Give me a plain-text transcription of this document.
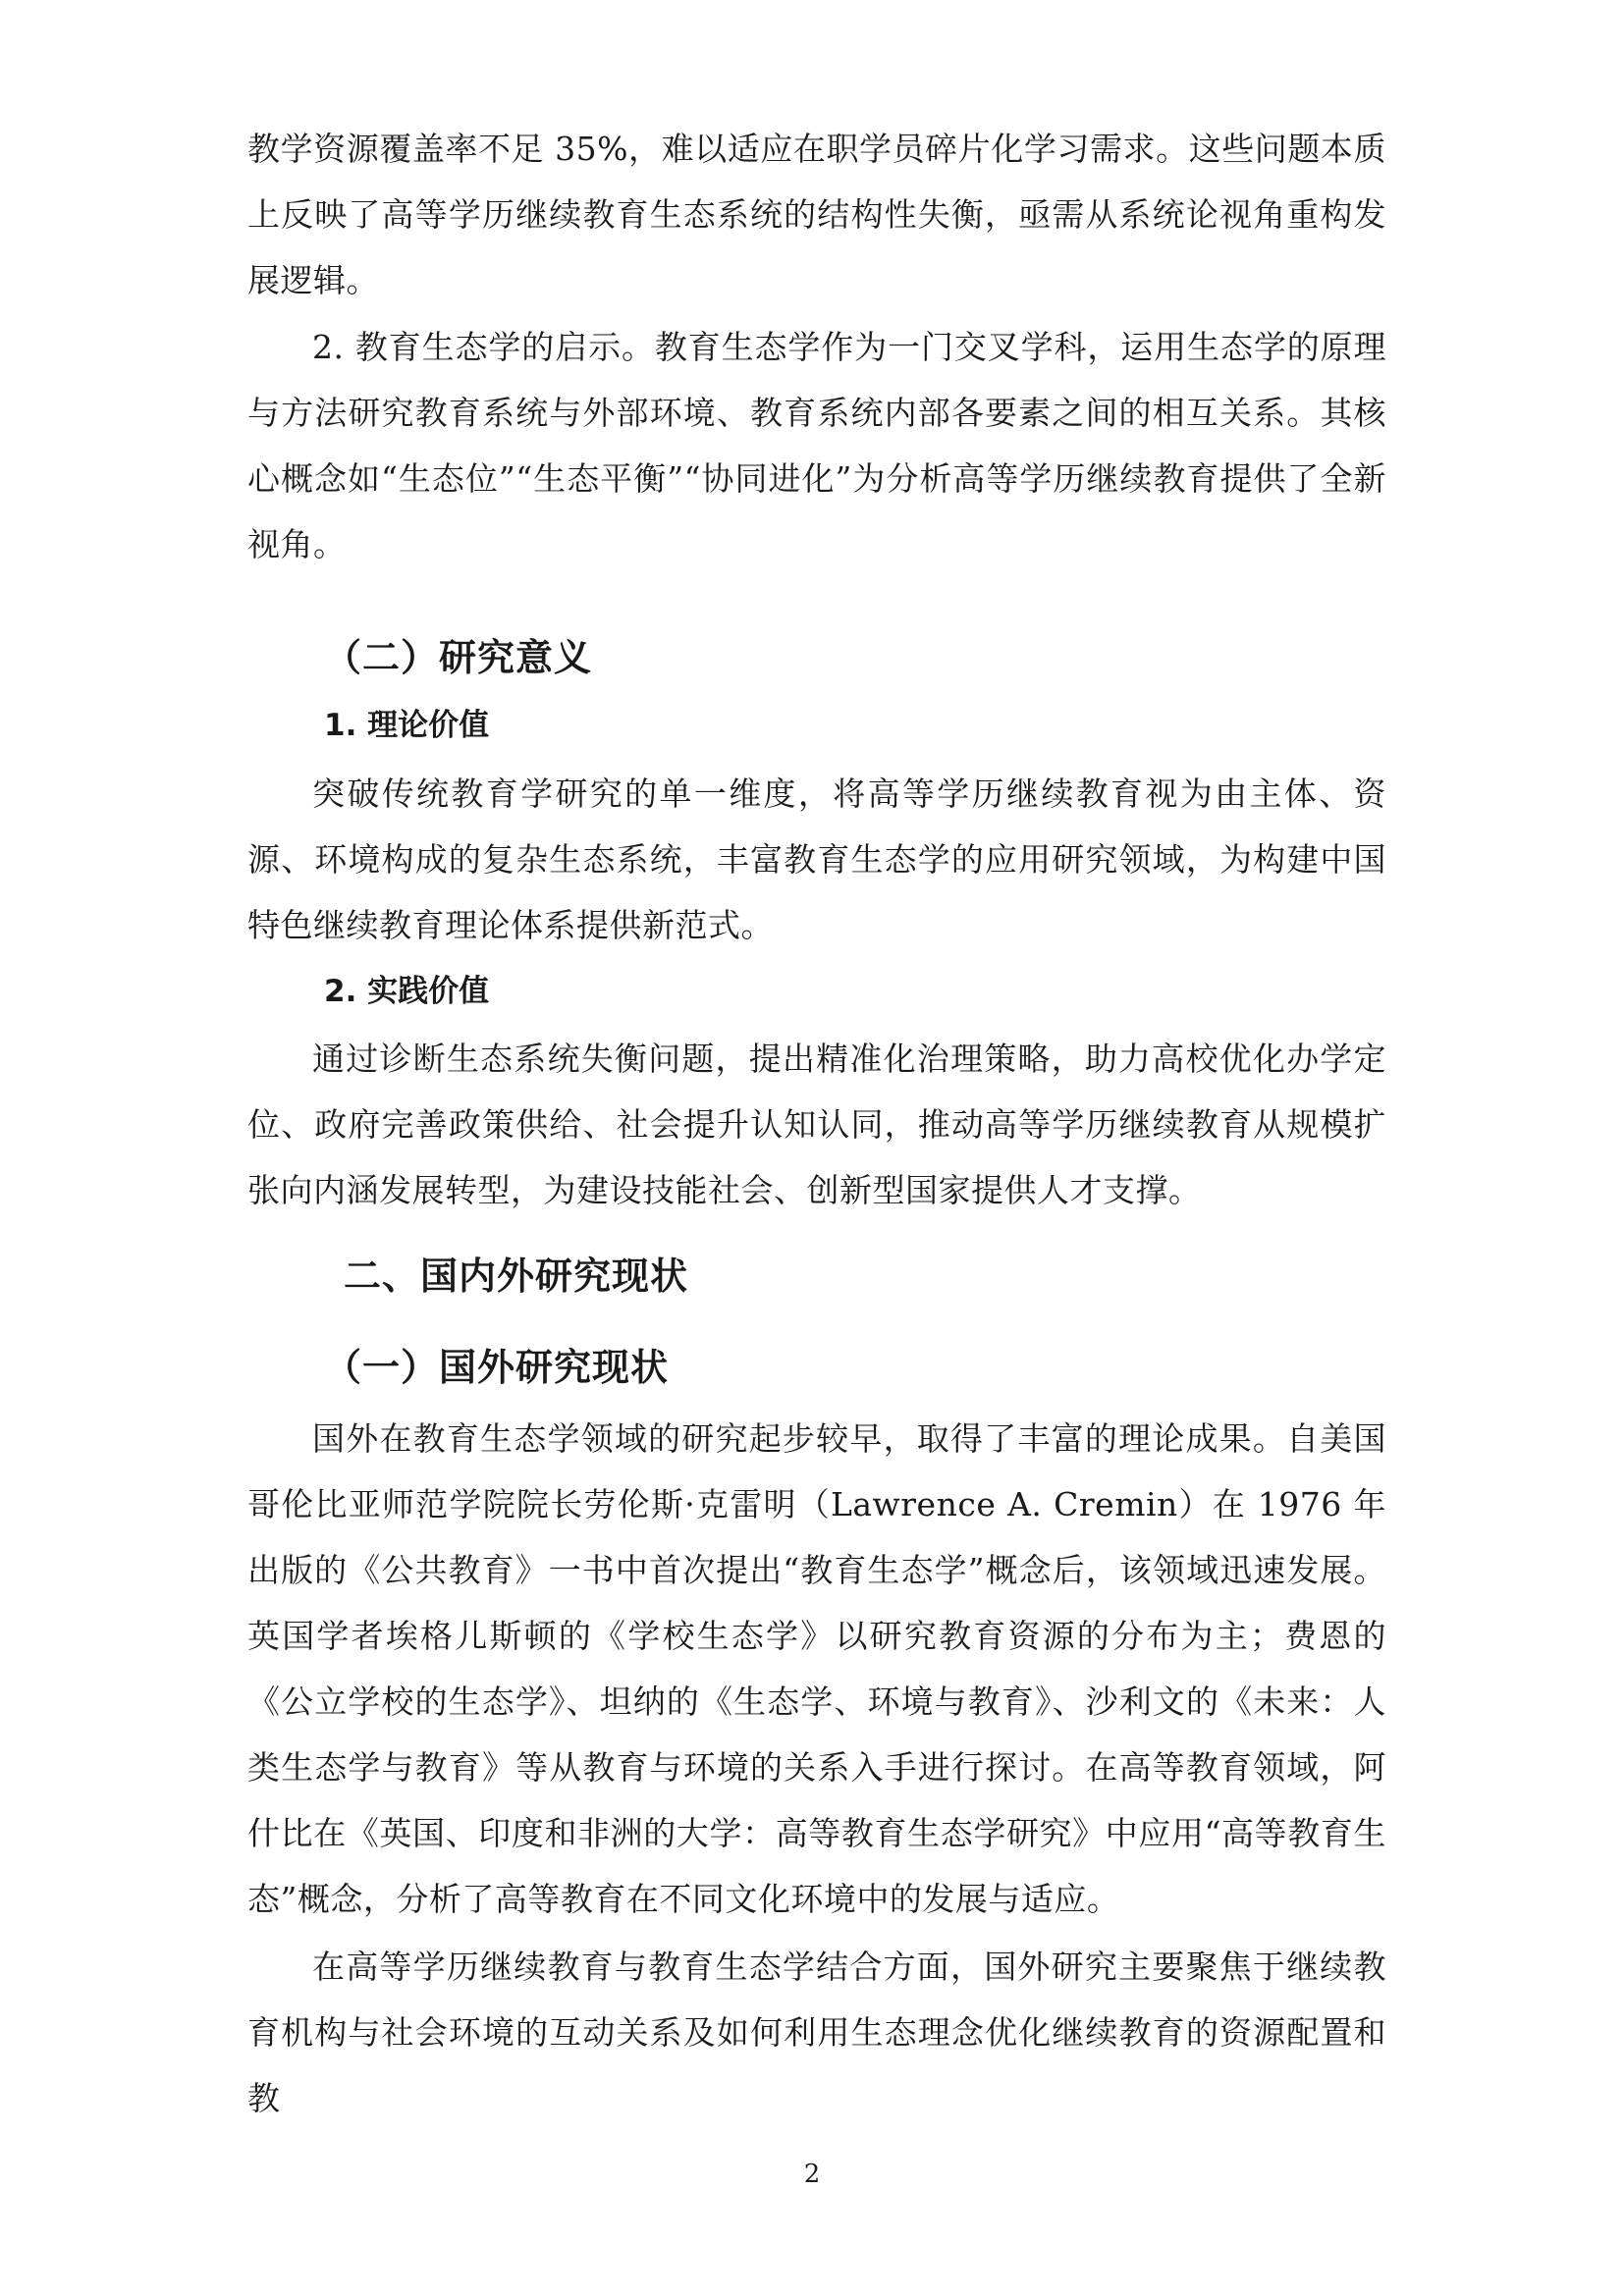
教学资源覆盖率不足 35%，难以适应在职学员碎片化学习需求。这些问题本质上反映了高等学历继续教育生态系统的结构性失衡，亟需从系统论视角重构发展逻辑。

2. 教育生态学的启示。教育生态学作为一门交叉学科，运用生态学的原理与方法研究教育系统与外部环境、教育系统内部各要素之间的相互关系。其核心概念如“生态位”“生态平衡”“协同进化”为分析高等学历继续教育提供了全新视角。

（二）研究意义
1. 理论价值

突破传统教育学研究的单一维度，将高等学历继续教育视为由主体、资源、环境构成的复杂生态系统，丰富教育生态学的应用研究领域，为构建中国特色继续教育理论体系提供新范式。

2. 实践价值

通过诊断生态系统失衡问题，提出精准化治理策略，助力高校优化办学定位、政府完善政策供给、社会提升认知认同，推动高等学历继续教育从规模扩张向内涵发展转型，为建设技能社会、创新型国家提供人才支撑。

二、国内外研究现状
（一）国外研究现状

国外在教育生态学领域的研究起步较早，取得了丰富的理论成果。自美国哥伦比亚师范学院院长劳伦斯·克雷明（Lawrence A. Cremin）在 1976 年出版的《公共教育》一书中首次提出“教育生态学”概念后，该领域迅速发展。英国学者埃格儿斯顿的《学校生态学》以研究教育资源的分布为主；费恩的《公立学校的生态学》、坦纳的《生态学、环境与教育》、沙利文的《未来：人类生态学与教育》等从教育与环境的关系入手进行探讨。在高等教育领域，阿什比在《英国、印度和非洲的大学：高等教育生态学研究》中应用“高等教育生态”概念，分析了高等教育在不同文化环境中的发展与适应。

在高等学历继续教育与教育生态学结合方面，国外研究主要聚焦于继续教育机构与社会环境的互动关系及如何利用生态理念优化继续教育的资源配置和教

2
